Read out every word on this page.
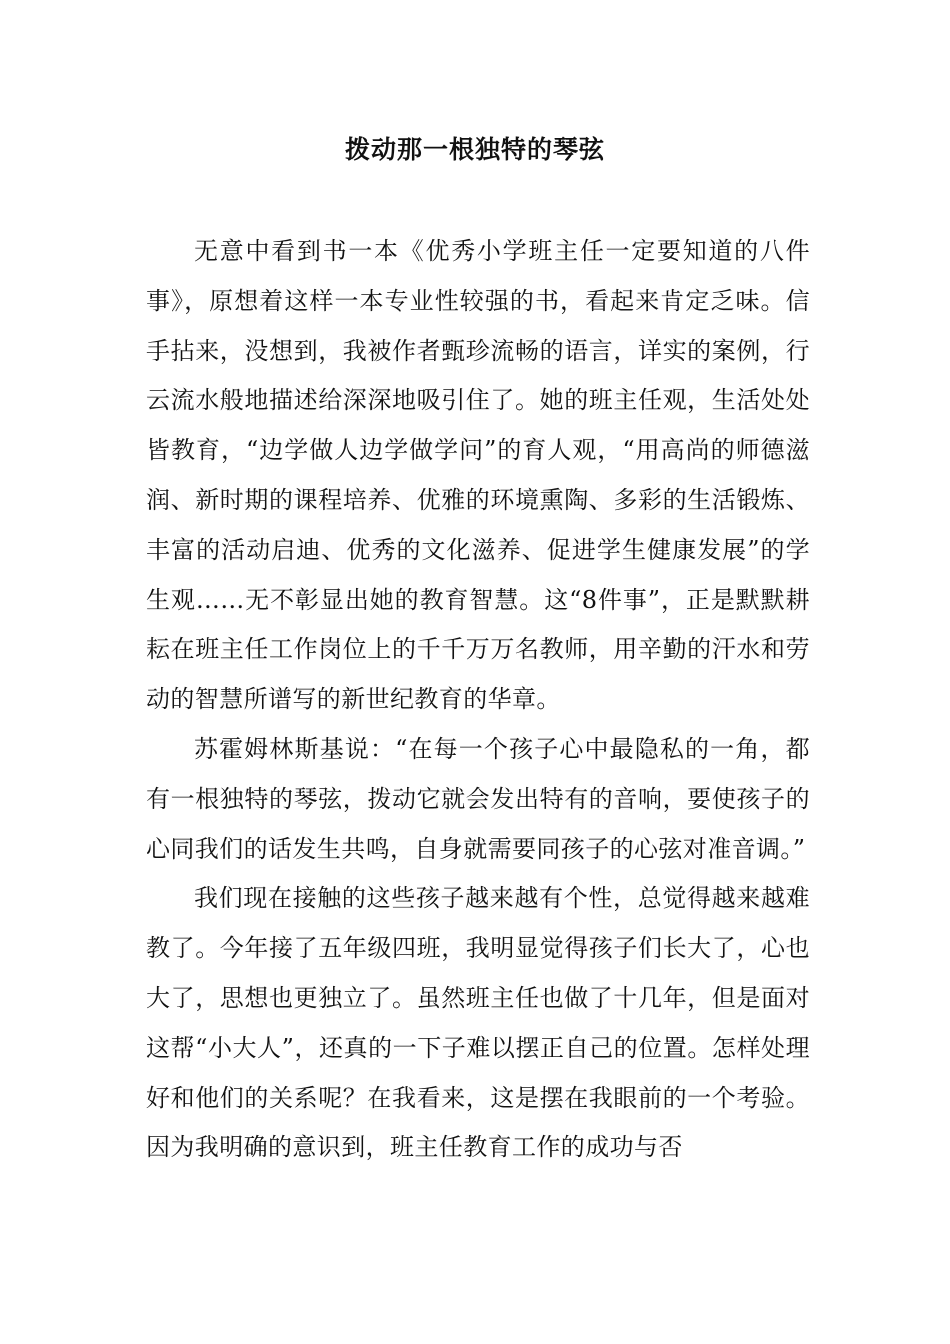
拨动那一根独特的琴弦

无意中看到书一本《优秀小学班主任一定要知道的八件事》，原想着这样一本专业性较强的书，看起来肯定乏味。信手拈来，没想到，我被作者甄珍流畅的语言，详实的案例，行云流水般地描述给深深地吸引住了。她的班主任观，生活处处皆教育，“边学做人边学做学问”的育人观，“用高尚的师德滋润、新时期的课程培养、优雅的环境熏陶、多彩的生活锻炼、丰富的活动启迪、优秀的文化滋养、促进学生健康发展”的学生观……无不彰显出她的教育智慧。这“8件事”，正是默默耕耘在班主任工作岗位上的千千万万名教师，用辛勤的汗水和劳动的智慧所谱写的新世纪教育的华章。

苏霍姆林斯基说：“在每一个孩子心中最隐私的一角，都有一根独特的琴弦，拨动它就会发出特有的音响，要使孩子的心同我们的话发生共鸣，自身就需要同孩子的心弦对准音调。”

我们现在接触的这些孩子越来越有个性，总觉得越来越难教了。今年接了五年级四班，我明显觉得孩子们长大了，心也大了，思想也更独立了。虽然班主任也做了十几年，但是面对这帮“小大人”，还真的一下子难以摆正自己的位置。怎样处理好和他们的关系呢？在我看来，这是摆在我眼前的一个考验。因为我明确的意识到，班主任教育工作的成功与否
